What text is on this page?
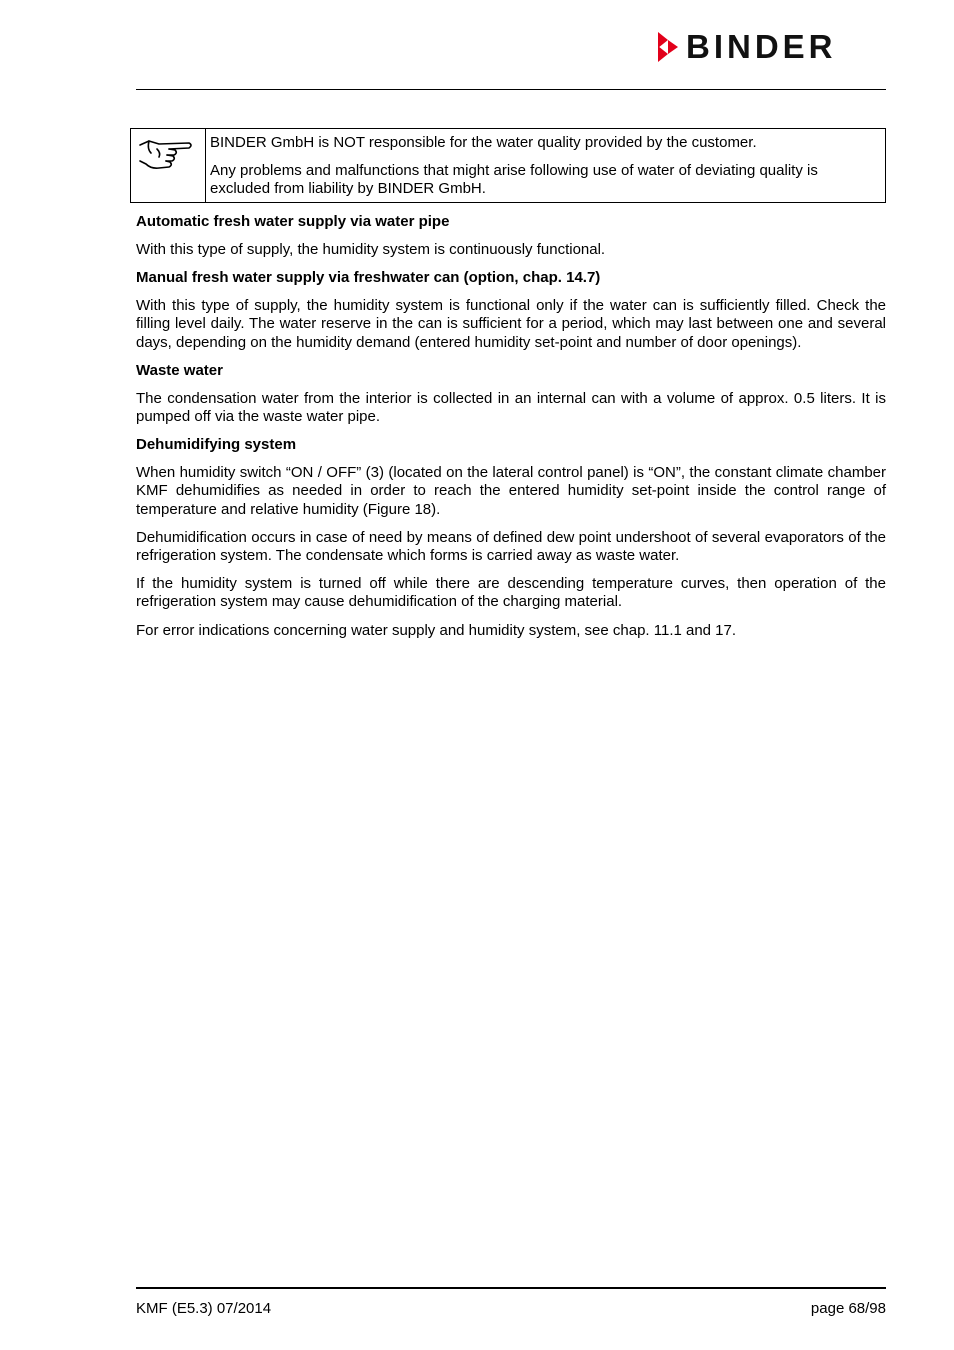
BINDER

BINDER GmbH is NOT responsible for the water quality provided by the customer.

Any problems and malfunctions that might arise following use of water of deviating quality is excluded from liability by BINDER GmbH.

Automatic fresh water supply via water pipe

With this type of supply, the humidity system is continuously functional.

Manual fresh water supply via freshwater can (option, chap. 14.7)

With this type of supply, the humidity system is functional only if the water can is sufficiently filled. Check the filling level daily. The water reserve in the can is sufficient for a period, which may last between one and several days, depending on the humidity demand (entered humidity set-point and number of door openings).

Waste water

The condensation water from the interior is collected in an internal can with a volume of approx. 0.5 liters. It is pumped off via the waste water pipe.

Dehumidifying system

When humidity switch “ON / OFF” (3) (located on the lateral control panel) is “ON”, the constant climate chamber KMF dehumidifies as needed in order to reach the entered humidity set-point inside the control range of temperature and relative humidity (Figure 18).

Dehumidification occurs in case of need by means of defined dew point undershoot of several evaporators of the refrigeration system. The condensate which forms is carried away as waste water.

If the humidity system is turned off while there are descending temperature curves, then operation of the refrigeration system may cause dehumidification of the charging material.

For error indications concerning water supply and humidity system, see chap. 11.1 and 17.

KMF (E5.3) 07/2014	page 68/98
